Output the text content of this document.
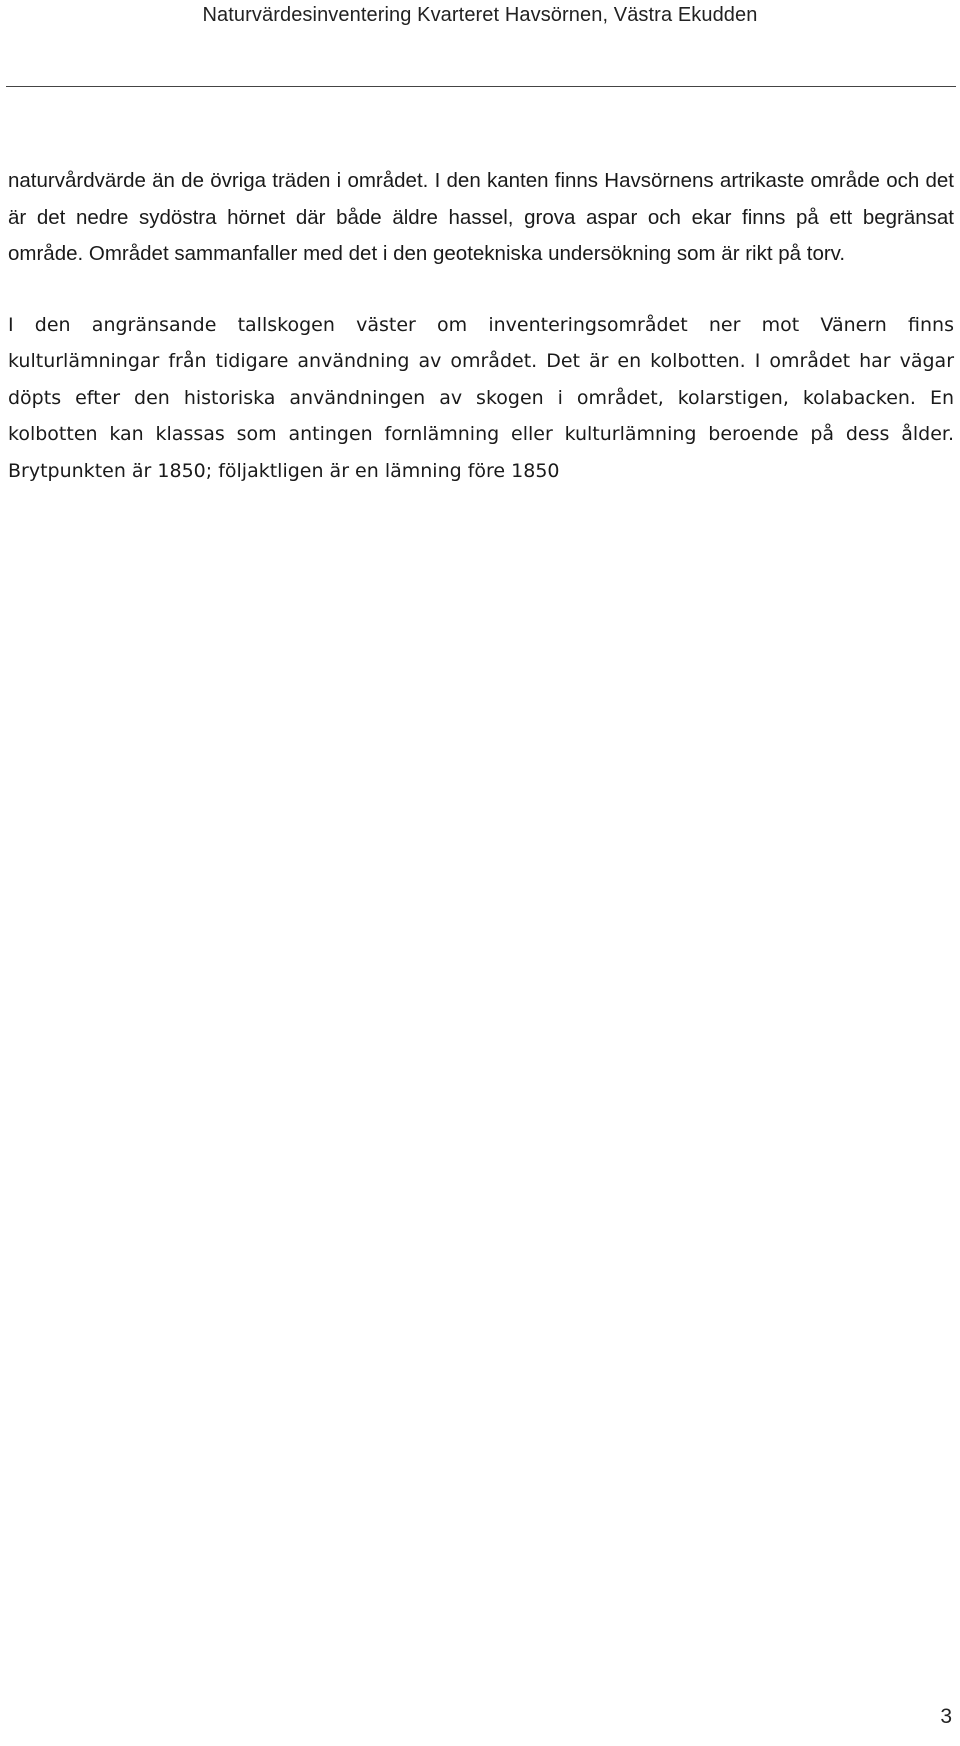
Naturvärdesinventering Kvarteret Havsörnen, Västra Ekudden

naturvårdvärde än de övriga träden i området. I den kanten finns Havsörnens artrikaste område och det är det nedre sydöstra hörnet där både äldre hassel, grova aspar och ekar finns på ett begränsat område. Området sammanfaller med det i den geotekniska undersökning som är rikt på torv.

I den angränsande tallskogen väster om inventeringsområdet ner mot Vänern finns kulturlämningar från tidigare användning av området. Det är en kolbotten. I området har vägar döpts efter den historiska användningen av skogen i området, kolarstigen, kolabacken. En kolbotten kan klassas som antingen fornlämning eller kulturlämning beroende på dess ålder. Brytpunkten är 1850; följaktligen är en lämning före 1850

3
